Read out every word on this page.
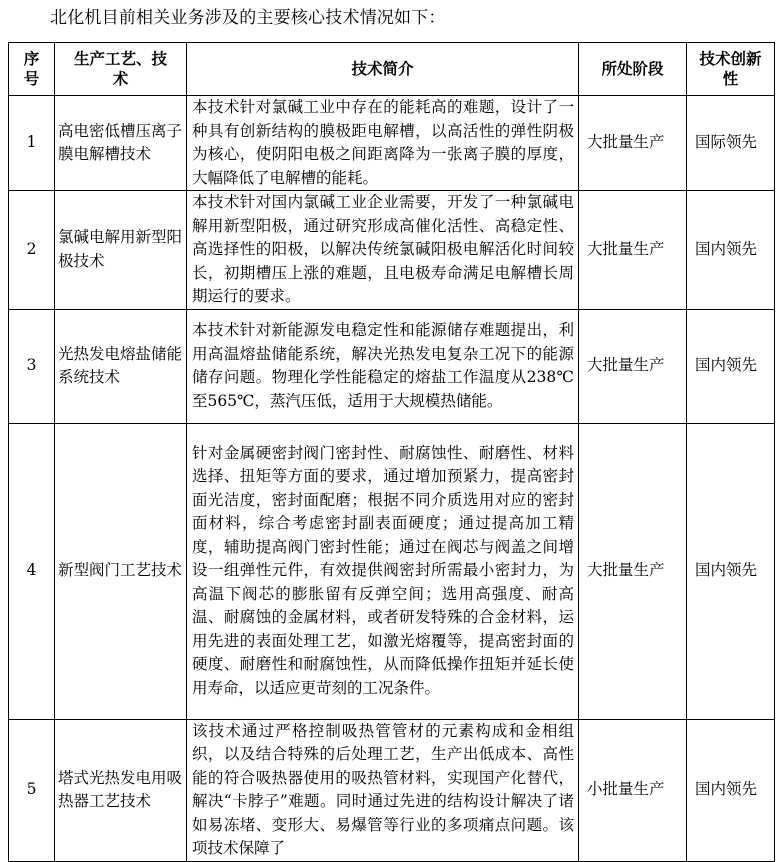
北化机目前相关业务涉及的主要核心技术情况如下：
序号	生产工艺、技术	技术简介	所处阶段	技术创新性
1	高电密低槽压离子膜电解槽技术	本技术针对氯碱工业中存在的能耗高的难题，设计了一种具有创新结构的膜极距电解槽，以高活性的弹性阴极为核心，使阴阳电极之间距离降为一张离子膜的厚度，大幅降低了电解槽的能耗。	大批量生产	国际领先
2	氯碱电解用新型阳极技术	本技术针对国内氯碱工业企业需要，开发了一种氯碱电解用新型阳极，通过研究形成高催化活性、高稳定性、高选择性的阳极，以解决传统氯碱阳极电解活化时间较长，初期槽压上涨的难题，且电极寿命满足电解槽长周期运行的要求。	大批量生产	国内领先
3	光热发电熔盐储能系统技术	本技术针对新能源发电稳定性和能源储存难题提出，利用高温熔盐储能系统，解决光热发电复杂工况下的能源储存问题。物理化学性能稳定的熔盐工作温度从238℃至565℃，蒸汽压低，适用于大规模热储能。	大批量生产	国内领先
4	新型阀门工艺技术	针对金属硬密封阀门密封性、耐腐蚀性、耐磨性、材料选择、扭矩等方面的要求，通过增加预紧力，提高密封面光洁度，密封面配磨；根据不同介质选用对应的密封面材料，综合考虑密封副表面硬度；通过提高加工精度，辅助提高阀门密封性能；通过在阀芯与阀盖之间增设一组弹性元件，有效提供阀密封所需最小密封力，为高温下阀芯的膨胀留有反弹空间；选用高强度、耐高温、耐腐蚀的金属材料，或者研发特殊的合金材料，运用先进的表面处理工艺，如激光熔覆等，提高密封面的硬度、耐磨性和耐腐蚀性，从而降低操作扭矩并延长使用寿命，以适应更苛刻的工况条件。	大批量生产	国内领先
5	塔式光热发电用吸热器工艺技术	该技术通过严格控制吸热管管材的元素构成和金相组织，以及结合特殊的后处理工艺，生产出低成本、高性能的符合吸热器使用的吸热管材料，实现国产化替代，解决“卡脖子”难题。同时通过先进的结构设计解决了诸如易冻堵、变形大、易爆管等行业的多项痛点问题。该项技术保障了	小批量生产	国内领先
